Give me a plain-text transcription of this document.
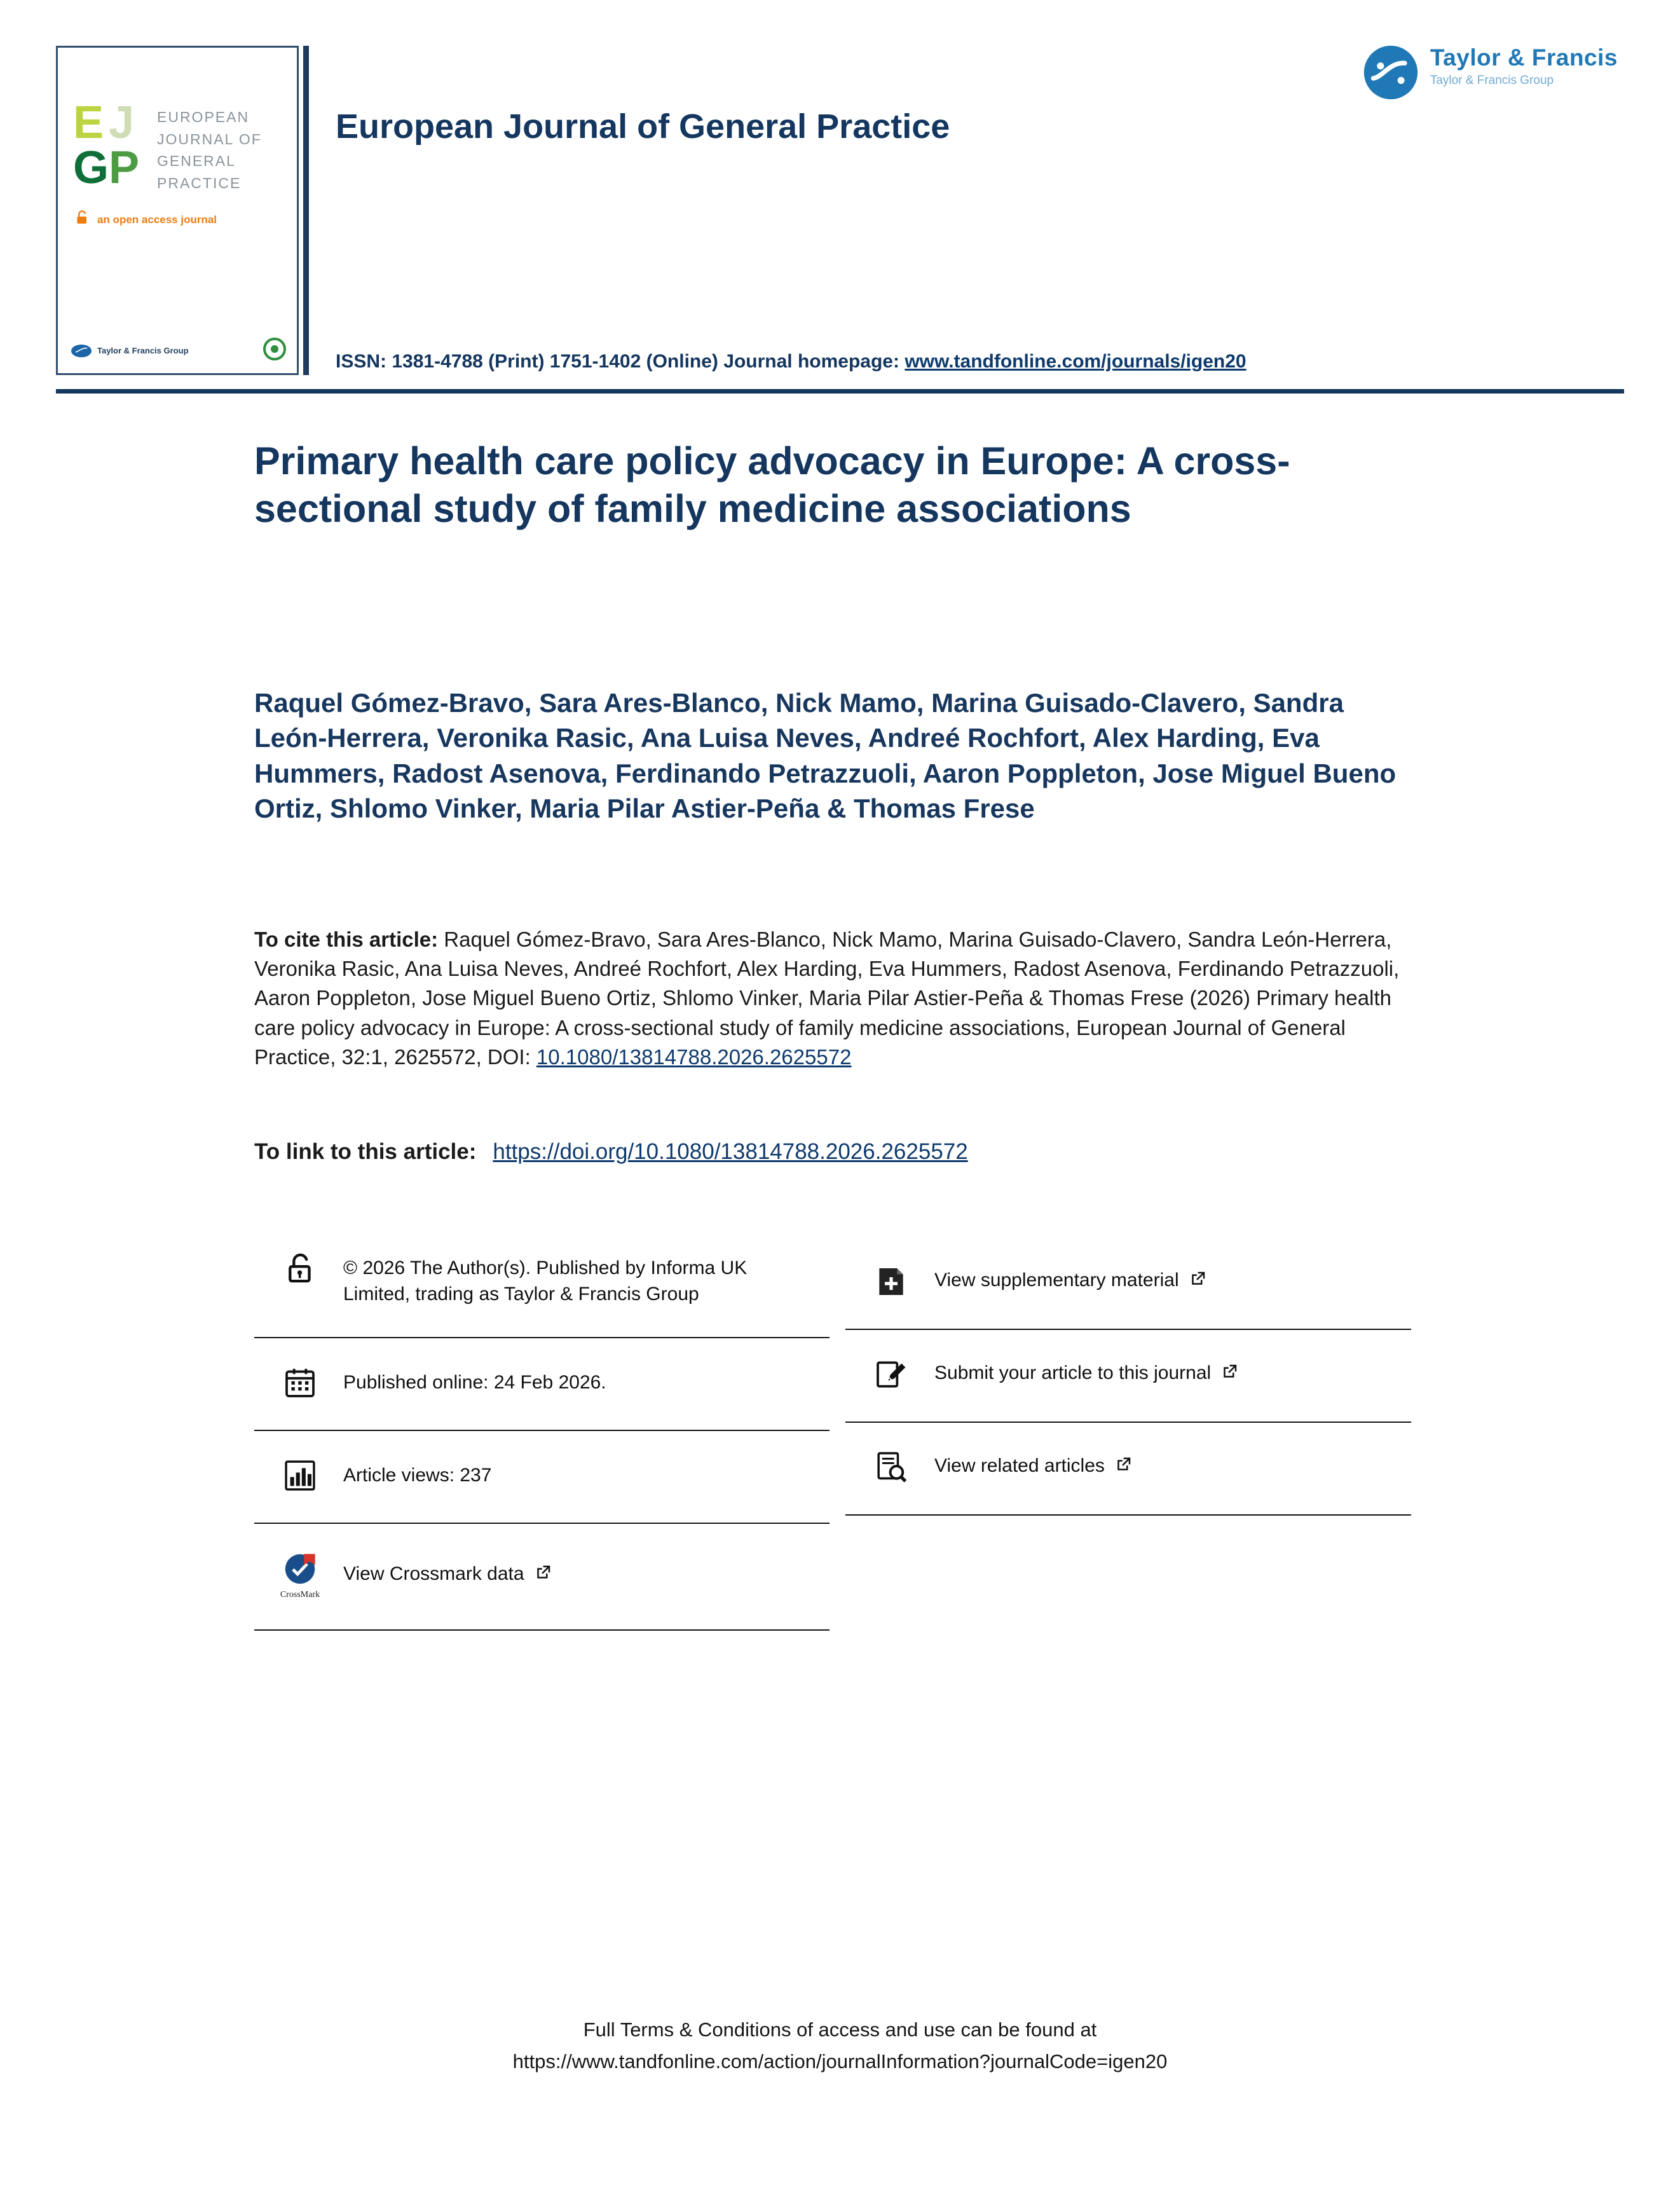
E J
G P
EUROPEAN
JOURNAL OF
GENERAL
PRACTICE
an open access journal
Taylor & Francis Group
Taylor & Francis
Taylor & Francis Group
European Journal of General Practice

ISSN: 1381-4788 (Print) 1751-1402 (Online) Journal homepage: www.tandfonline.com/journals/igen20

Primary health care policy advocacy in Europe: A cross-sectional study of family medicine associations

Raquel Gómez-Bravo, Sara Ares-Blanco, Nick Mamo, Marina Guisado-Clavero, Sandra León-Herrera, Veronika Rasic, Ana Luisa Neves, Andreé Rochfort, Alex Harding, Eva Hummers, Radost Asenova, Ferdinando Petrazzuoli, Aaron Poppleton, Jose Miguel Bueno Ortiz, Shlomo Vinker, Maria Pilar Astier-Peña & Thomas Frese

To cite this article: Raquel Gómez-Bravo, Sara Ares-Blanco, Nick Mamo, Marina Guisado-Clavero, Sandra León-Herrera, Veronika Rasic, Ana Luisa Neves, Andreé Rochfort, Alex Harding, Eva Hummers, Radost Asenova, Ferdinando Petrazzuoli, Aaron Poppleton, Jose Miguel Bueno Ortiz, Shlomo Vinker, Maria Pilar Astier-Peña & Thomas Frese (2026) Primary health care policy advocacy in Europe: A cross-sectional study of family medicine associations, European Journal of General Practice, 32:1, 2625572, DOI: 10.1080/13814788.2026.2625572

To link to this article: https://doi.org/10.1080/13814788.2026.2625572

© 2026 The Author(s). Published by Informa UK Limited, trading as Taylor & Francis Group
Published online: 24 Feb 2026.
Article views: 237
CrossMark
View Crossmark data
View supplementary material
Submit your article to this journal
View related articles
Full Terms & Conditions of access and use can be found at
https://www.tandfonline.com/action/journalInformation?journalCode=igen20
